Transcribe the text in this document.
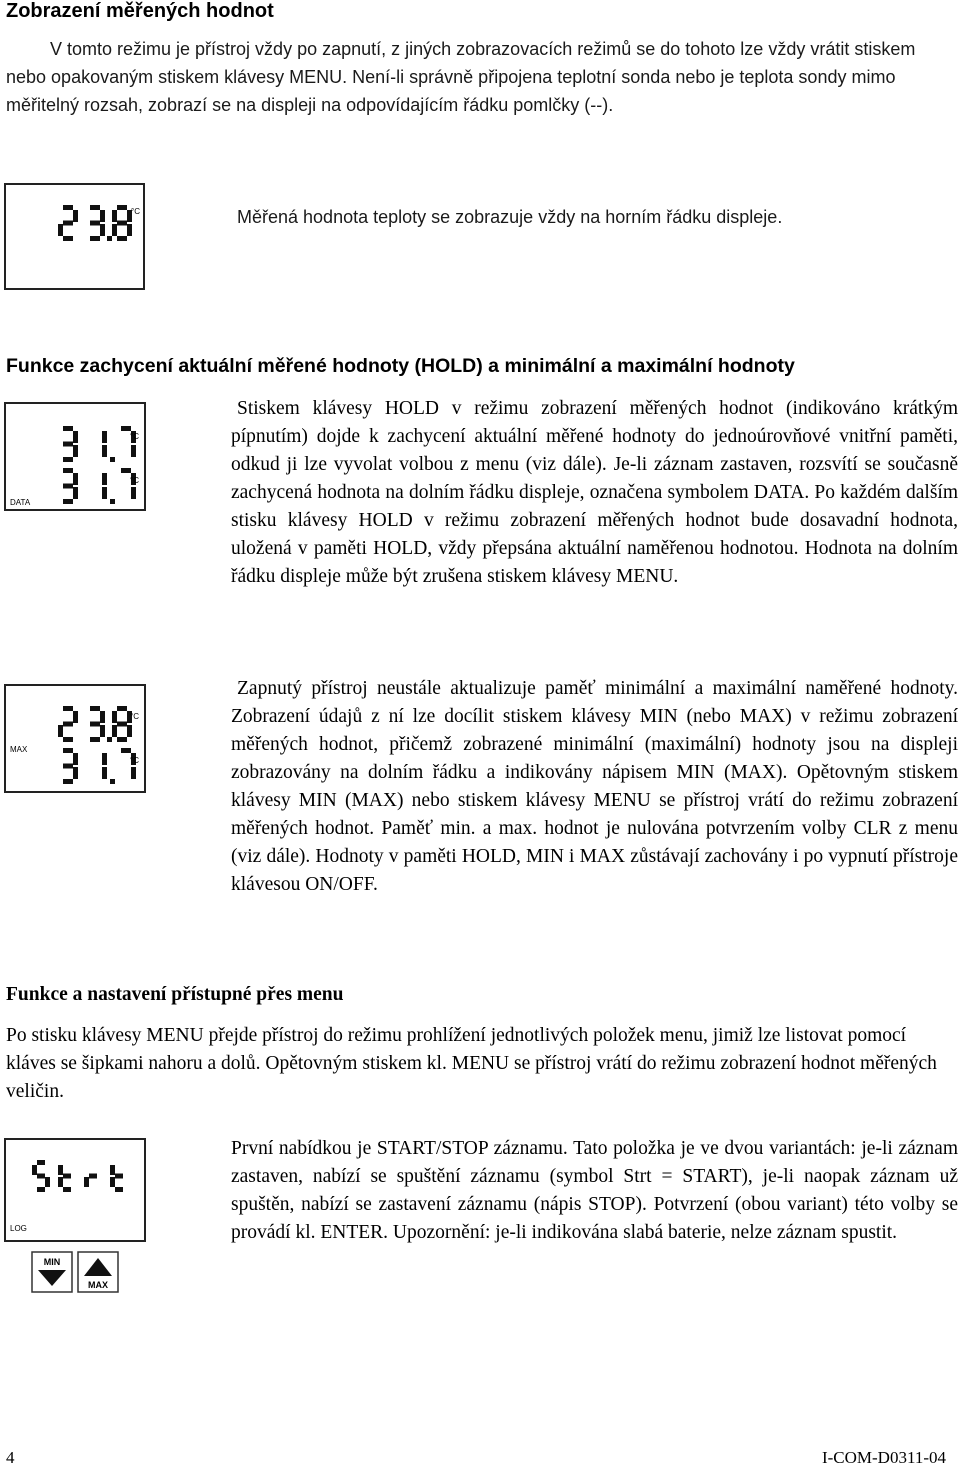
Zobrazení měřených hodnot
V tomto režimu je přístroj vždy po zapnutí, z jiných zobrazovacích režimů se do tohoto lze vždy vrátit stiskem nebo opakovaným stiskem klávesy MENU. Není-li správně připojena teplotní sonda nebo je teplota sondy mimo měřitelný rozsah, zobrazí se na displeji na odpovídajícím řádku pomlčky (--).
°C	Měřená hodnota teploty se zobrazuje vždy na horním řádku displeje.
Funkce zachycení aktuální měřené hodnoty (HOLD) a minimální a maximální hodnoty
°C
°C
DATA
Stiskem klávesy HOLD v režimu zobrazení měřených hodnot (indikováno krátkým pípnutím) dojde k zachycení aktuální měřené hodnoty do jednoúrovňové vnitřní paměti, odkud ji lze vyvolat volbou z menu (viz dále). Je-li záznam zastaven, rozsvítí se současně zachycená hodnota na dolním řádku displeje, označena symbolem DATA. Po každém dalším stisku klávesy HOLD v režimu zobrazení měřených hodnot bude dosavadní hodnota, uložená v paměti HOLD, vždy přepsána aktuální naměřenou hodnotou. Hodnota na dolním řádku displeje může být zrušena stiskem klávesy MENU.
°C
°C
MAX
Zapnutý přístroj neustále aktualizuje paměť minimální a maximální naměřené hodnoty. Zobrazení údajů z ní lze docílit stiskem klávesy MIN (nebo MAX) v režimu zobrazení měřených hodnot, přičemž zobrazené minimální (maximální) hodnoty jsou na displeji zobrazovány na dolním řádku a indikovány nápisem MIN (MAX). Opětovným stiskem klávesy MIN (MAX) nebo stiskem klávesy MENU se přístroj vrátí do režimu zobrazení měřených hodnot. Paměť min. a max. hodnot je nulována potvrzením volby CLR z menu (viz dále). Hodnoty v paměti HOLD, MIN i MAX zůstávají zachovány i po vypnutí přístroje klávesou ON/OFF.
Funkce a nastavení přístupné přes menu
Po stisku klávesy MENU přejde přístroj do režimu prohlížení jednotlivých položek menu, jimiž lze listovat pomocí kláves se šipkami nahoru a dolů. Opětovným stiskem kl. MENU se přístroj vrátí do režimu zobrazení hodnot měřených veličin.
LOG
MIN
MAX
První nabídkou je START/STOP záznamu. Tato položka je ve dvou variantách: je-li záznam zastaven, nabízí se spuštění záznamu (symbol Strt = START), je-li naopak záznam už spuštěn, nabízí se zastavení záznamu (nápis STOP). Potvrzení (obou variant) této volby se provádí kl. ENTER. Upozornění: je-li indikována slabá baterie, nelze záznam spustit.
4	I-COM-D0311-04
